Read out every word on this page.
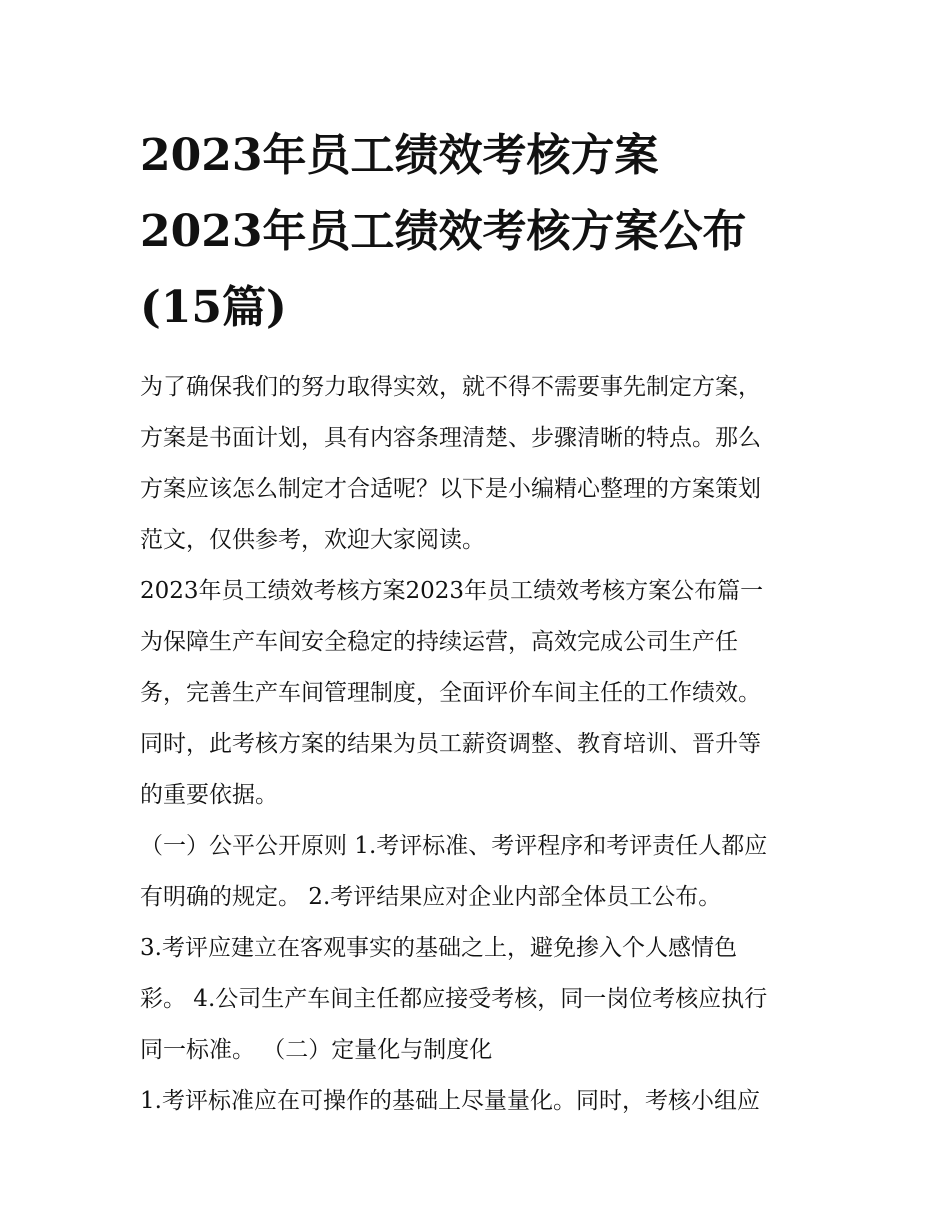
2023年员工绩效考核方案

2023年员工绩效考核方案公布

(15篇)

为了确保我们的努力取得实效，就不得不需要事先制定方案，

方案是书面计划，具有内容条理清楚、步骤清晰的特点。那么

方案应该怎么制定才合适呢？以下是小编精心整理的方案策划

范文，仅供参考，欢迎大家阅读。

2023年员工绩效考核方案2023年员工绩效考核方案公布篇一

为保障生产车间安全稳定的持续运营，高效完成公司生产任

务，完善生产车间管理制度，全面评价车间主任的工作绩效。

同时，此考核方案的结果为员工薪资调整、教育培训、晋升等

的重要依据。

（一）公平公开原则 1.考评标准、考评程序和考评责任人都应

有明确的规定。 2.考评结果应对企业内部全体员工公布。

3.考评应建立在客观事实的基础之上，避免掺入个人感情色

彩。 4.公司生产车间主任都应接受考核，同一岗位考核应执行

同一标准。 （二）定量化与制度化

1.考评标准应在可操作的基础上尽量量化。同时，考核小组应
